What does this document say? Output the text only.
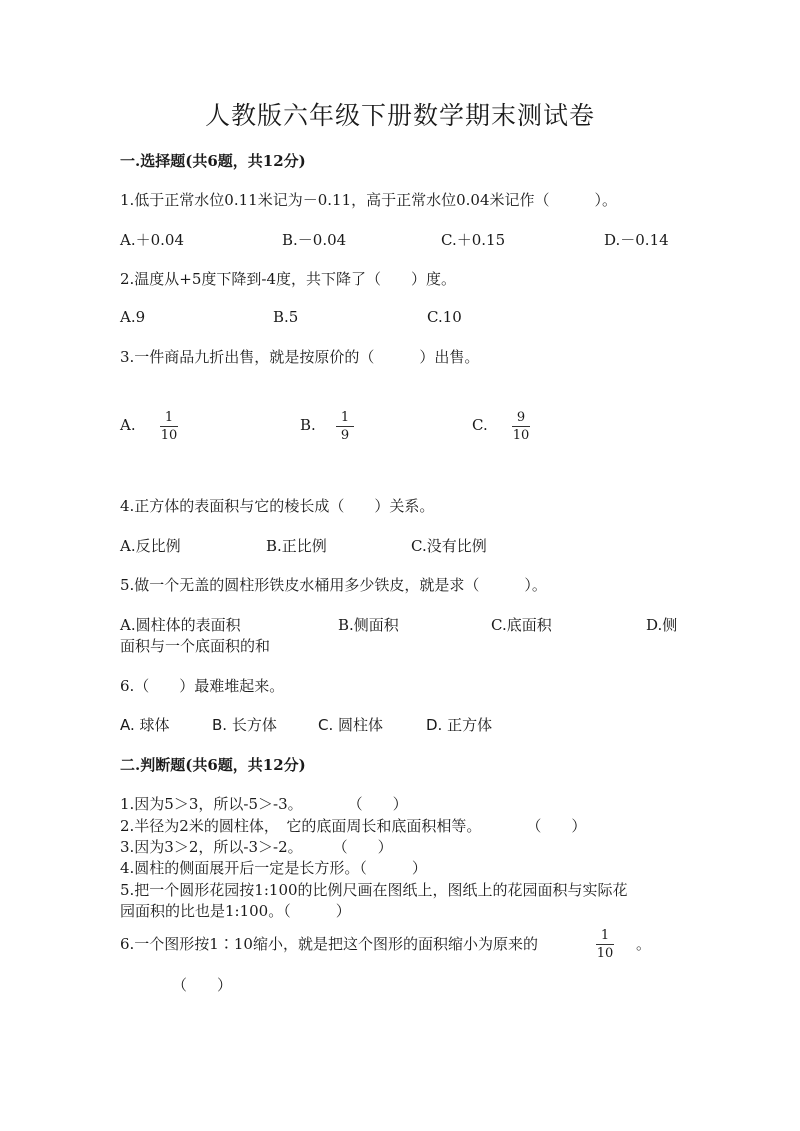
人教版六年级下册数学期末测试卷
一.选择题(共6题，共12分)
1.低于正常水位0.11米记为－0.11，高于正常水位0.04米记作（　　　）。
A.＋0.04	B.－0.04	C.＋0.15	D.－0.14
2.温度从+5度下降到-4度，共下降了（　　）度。
A.9	B.5	C.10
3.一件商品九折出售，就是按原价的（　　　）出售。
A. 1
10
B. 1
9
C. 9
10
4.正方体的表面积与它的棱长成（　　）关系。
A.反比例	B.正比例	C.没有比例
5.做一个无盖的圆柱形铁皮水桶用多少铁皮，就是求（　　　）。
A.圆柱体的表面积	B.侧面积	C.底面积	D.侧
面积与一个底面积的和
6.（　　）最难堆起来。
A. 球体	B. 长方体	C. 圆柱体	D. 正方体
二.判断题(共6题，共12分)
1.因为5＞3，所以-5＞-3。　　　　（　　）
2.半径为2米的圆柱体，　它的底面周长和底面积相等。　　　　（　　）
3.因为3＞2，所以-3＞-2。　　　（　　）
4.圆柱的侧面展开后一定是长方形。（　　　）
5.把一个圆形花园按1:100的比例尺画在图纸上，图纸上的花园面积与实际花
园面积的比也是1:100。（　　　）
6.一个图形按1∶10缩小，就是把这个图形的面积缩小为原来的	1
10
。
（　　）
